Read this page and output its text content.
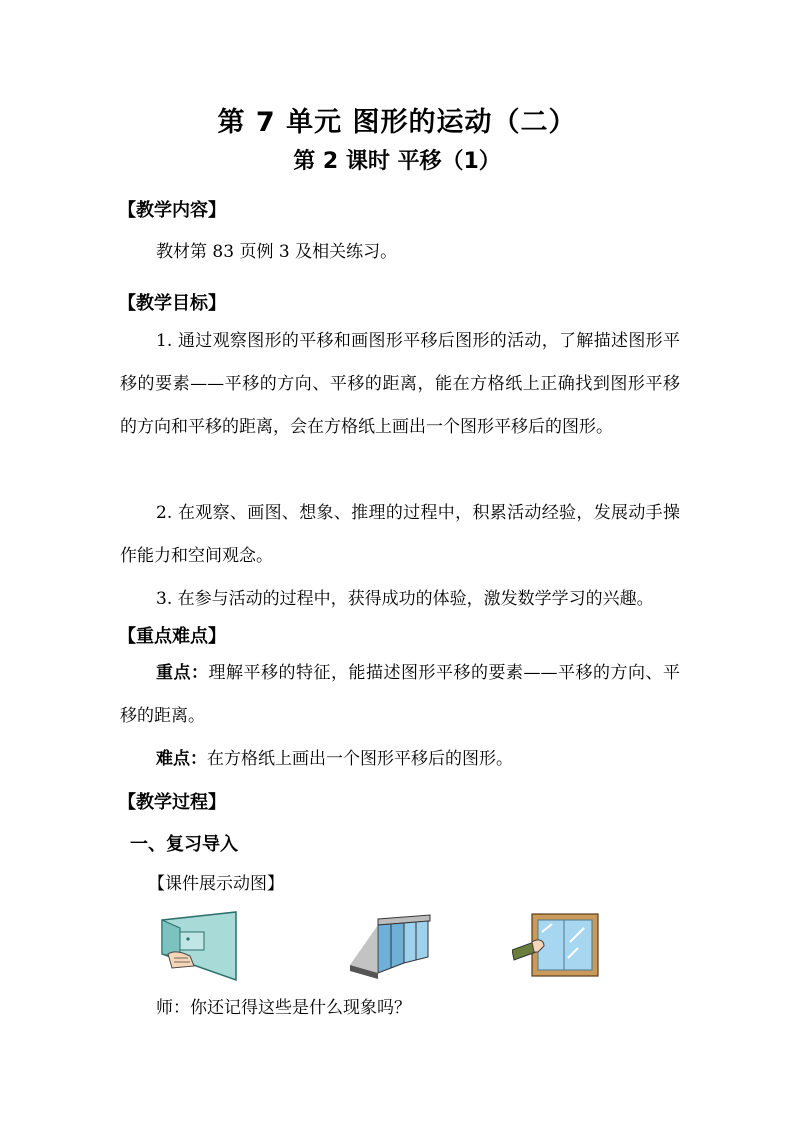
第 7 单元 图形的运动（二）
第 2 课时 平移（1）
【教学内容】
教材第 83 页例 3 及相关练习。
【教学目标】
1. 通过观察图形的平移和画图形平移后图形的活动，了解描述图形平移的要素——平移的方向、平移的距离，能在方格纸上正确找到图形平移的方向和平移的距离，会在方格纸上画出一个图形平移后的图形。
2. 在观察、画图、想象、推理的过程中，积累活动经验，发展动手操作能力和空间观念。
3. 在参与活动的过程中，获得成功的体验，激发数学学习的兴趣。
【重点难点】
重点：理解平移的特征，能描述图形平移的要素——平移的方向、平移的距离。
难点：在方格纸上画出一个图形平移后的图形。
【教学过程】
一、复习导入
【课件展示动图】
师：你还记得这些是什么现象吗？
